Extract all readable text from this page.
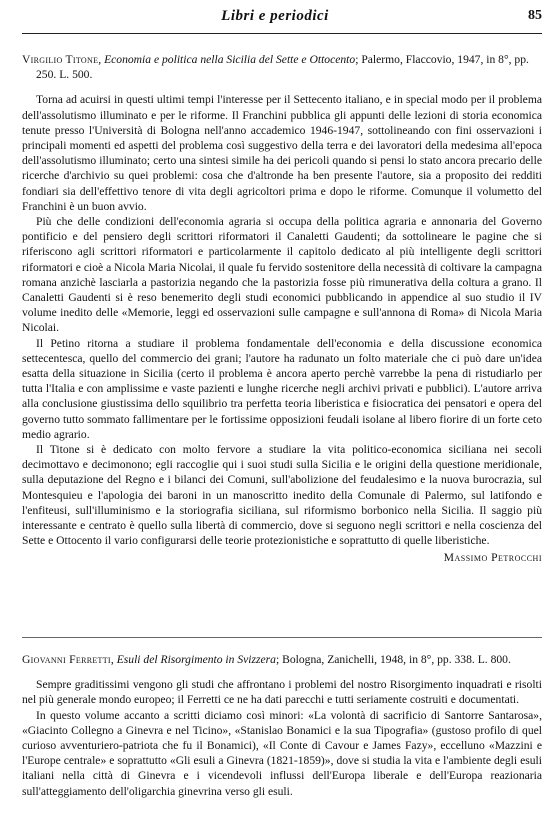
Libri e periodici	85

Virgilio Titone, Economia e politica nella Sicilia del Sette e Ottocento; Palermo, Flaccovio, 1947, in 8°, pp. 250. L. 500.

Torna ad acuirsi in questi ultimi tempi l'interesse per il Settecento italiano, e in special modo per il problema dell'assolutismo illuminato e per le riforme. Il Franchini pubblica gli appunti delle lezioni di storia economica tenute presso l'Università di Bologna nell'anno accademico 1946-1947, sottolineando con fini osservazioni i principali momenti ed aspetti del problema così suggestivo della terra e dei lavoratori della medesima all'epoca dell'assolutismo illuminato; certo una sintesi simile ha dei pericoli quando si pensi lo stato ancora precario delle ricerche d'archivio su quei problemi: cosa che d'altronde ha ben presente l'autore, sia a proposito dei redditi fondiari sia dell'effettivo tenore di vita degli agricoltori prima e dopo le riforme. Comunque il volumetto del Franchini è un buon avvio.

Più che delle condizioni dell'economia agraria si occupa della politica agraria e annonaria del Governo pontificio e del pensiero degli scrittori riformatori il Canaletti Gaudenti; da sottolineare le pagine che si riferiscono agli scrittori riformatori e particolarmente il capitolo dedicato al più intelligente degli scrittori riformatori e cioè a Nicola Maria Nicolai, il quale fu fervido sostenitore della necessità di coltivare la campagna romana anzichè lasciarla a pastorizia negando che la pastorizia fosse più rimunerativa della coltura a grano. Il Canaletti Gaudenti si è reso benemerito degli studi economici pubblicando in appendice al suo studio il IV volume inedito delle «Memorie, leggi ed osservazioni sulle campagne e sull'annona di Roma» di Nicola Maria Nicolai.

Il Petino ritorna a studiare il problema fondamentale dell'economia e della discussione economica settecentesca, quello del commercio dei grani; l'autore ha radunato un folto materiale che ci può dare un'idea esatta della situazione in Sicilia (certo il problema è ancora aperto perchè varrebbe la pena di ristudiarlo per tutta l'Italia e con amplissime e vaste pazienti e lunghe ricerche negli archivi privati e pubblici). L'autore arriva alla conclusione giustissima dello squilibrio tra perfetta teoria liberistica e fisiocratica dei pensatori e opera del governo tutto sommato fallimentare per le fortissime opposizioni feudali isolane al libero fiorire di un forte ceto medio agrario.

Il Titone si è dedicato con molto fervore a studiare la vita politico-economica siciliana nei secoli decimottavo e decimonono; egli raccoglie qui i suoi studi sulla Sicilia e le origini della questione meridionale, sulla deputazione del Regno e i bilanci dei Comuni, sull'abolizione del feudalesimo e la nuova burocrazia, sul Montesquieu e l'apologia dei baroni in un manoscritto inedito della Comunale di Palermo, sul latifondo e l'enfiteusi, sull'illuminismo e la storiografia siciliana, sul riformismo borbonico nella Sicilia. Il saggio più interessante e centrato è quello sulla libertà di commercio, dove si seguono negli scrittori e nella coscienza del Sette e Ottocento il vario configurarsi delle teorie protezionistiche e soprattutto di quelle liberistiche.

Massimo Petrocchi

Giovanni Ferretti, Esuli del Risorgimento in Svizzera; Bologna, Zanichelli, 1948, in 8°, pp. 338. L. 800.

Sempre graditissimi vengono gli studi che affrontano i problemi del nostro Risorgimento inquadrati e risolti nel più generale mondo europeo; il Ferretti ce ne ha dati parecchi e tutti seriamente costruiti e documentati.

In questo volume accanto a scritti diciamo così minori: «La volontà di sacrificio di Santorre Santarosa», «Giacinto Collegno a Ginevra e nel Ticino», «Stanislao Bonamici e la sua Tipografia» (gustoso profilo di quel curioso avventuriero-patriota che fu il Bonamici), «Il Conte di Cavour e James Fazy», eccelluno «Mazzini e l'Europe centrale» e soprattutto «Gli esuli a Ginevra (1821-1859)», dove si studia la vita e l'ambiente degli esuli italiani nella città di Ginevra e i vicendevoli influssi dell'Europa liberale e dell'Europa reazionaria sull'atteggiamento dell'oligarchia ginevrina verso gli esuli.
